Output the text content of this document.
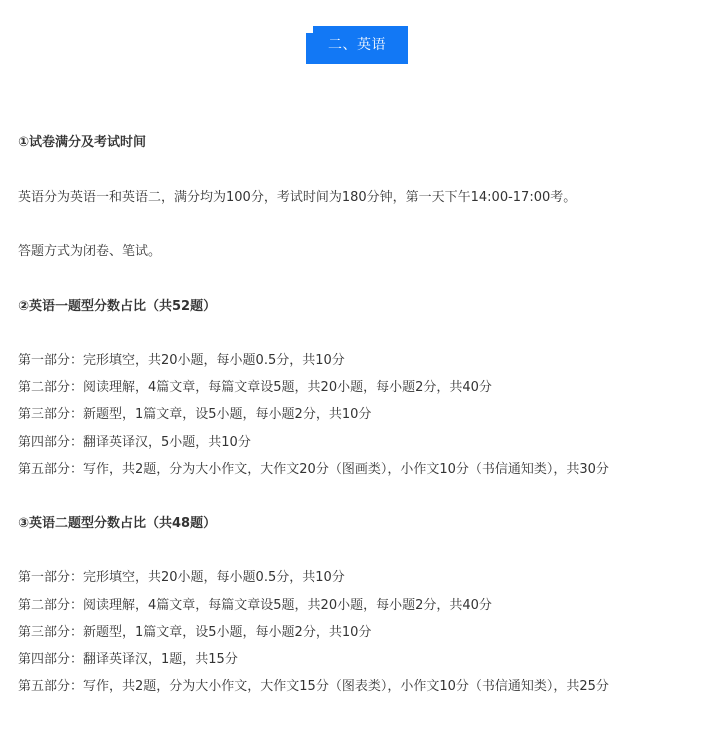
二、英语

①试卷满分及考试时间

英语分为英语一和英语二，满分均为100分，考试时间为180分钟，第一天下午14:00-17:00考。

答题方式为闭卷、笔试。

②英语一题型分数占比（共52题）

第一部分：完形填空，共20小题，每小题0.5分，共10分

第二部分：阅读理解，4篇文章，每篇文章设5题，共20小题，每小题2分，共40分

第三部分：新题型，1篇文章，设5小题，每小题2分，共10分

第四部分：翻译英译汉，5小题，共10分

第五部分：写作，共2题，分为大小作文，大作文20分（图画类），小作文10分（书信通知类），共30分

③英语二题型分数占比（共48题）

第一部分：完形填空，共20小题，每小题0.5分，共10分

第二部分：阅读理解，4篇文章，每篇文章设5题，共20小题，每小题2分，共40分

第三部分：新题型，1篇文章，设5小题，每小题2分，共10分

第四部分：翻译英译汉，1题，共15分

第五部分：写作，共2题，分为大小作文，大作文15分（图表类），小作文10分（书信通知类），共25分
